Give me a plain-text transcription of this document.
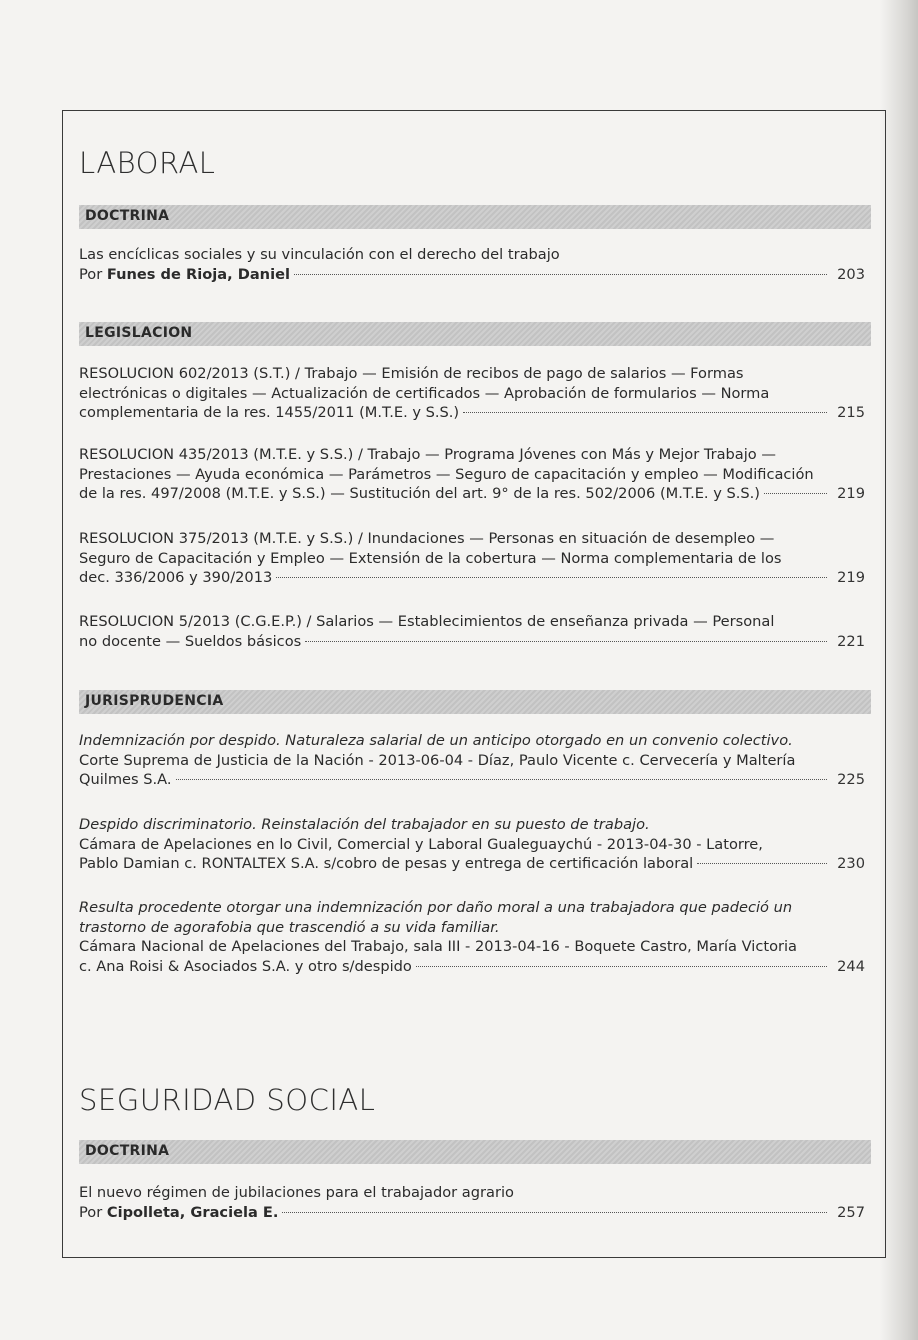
LABORAL
DOCTRINA
Las encíclicas sociales y su vinculación con el derecho del trabajo
Por Funes de Rioja, Daniel	203
LEGISLACION
RESOLUCION 602/2013 (S.T.) / Trabajo — Emisión de recibos de pago de salarios — Formas
electrónicas o digitales — Actualización de certificados — Aprobación de formularios — Norma
complementaria de la res. 1455/2011 (M.T.E. y S.S.)	215
RESOLUCION 435/2013 (M.T.E. y S.S.) / Trabajo — Programa Jóvenes con Más y Mejor Trabajo —
Prestaciones — Ayuda económica — Parámetros — Seguro de capacitación y empleo — Modificación
de la res. 497/2008 (M.T.E. y S.S.) — Sustitución del art. 9° de la res. 502/2006 (M.T.E. y S.S.)	219
RESOLUCION 375/2013 (M.T.E. y S.S.) / Inundaciones — Personas en situación de desempleo —
Seguro de Capacitación y Empleo — Extensión de la cobertura — Norma complementaria de los
dec. 336/2006 y 390/2013	219
RESOLUCION 5/2013 (C.G.E.P.) / Salarios — Establecimientos de enseñanza privada — Personal
no docente — Sueldos básicos	221
JURISPRUDENCIA
Indemnización por despido. Naturaleza salarial de un anticipo otorgado en un convenio colectivo.
Corte Suprema de Justicia de la Nación - 2013-06-04 - Díaz, Paulo Vicente c. Cervecería y Maltería
Quilmes S.A.	225
Despido discriminatorio. Reinstalación del trabajador en su puesto de trabajo.
Cámara de Apelaciones en lo Civil, Comercial y Laboral Gualeguaychú - 2013-04-30 - Latorre,
Pablo Damian c. RONTALTEX S.A. s/cobro de pesas y entrega de certificación laboral	230
Resulta procedente otorgar una indemnización por daño moral a una trabajadora que padeció un
trastorno de agorafobia que trascendió a su vida familiar.
Cámara Nacional de Apelaciones del Trabajo, sala III - 2013-04-16 - Boquete Castro, María Victoria
c. Ana Roisi & Asociados S.A. y otro s/despido	244
SEGURIDAD SOCIAL
DOCTRINA
El nuevo régimen de jubilaciones para el trabajador agrario
Por Cipolleta, Graciela E.	257
